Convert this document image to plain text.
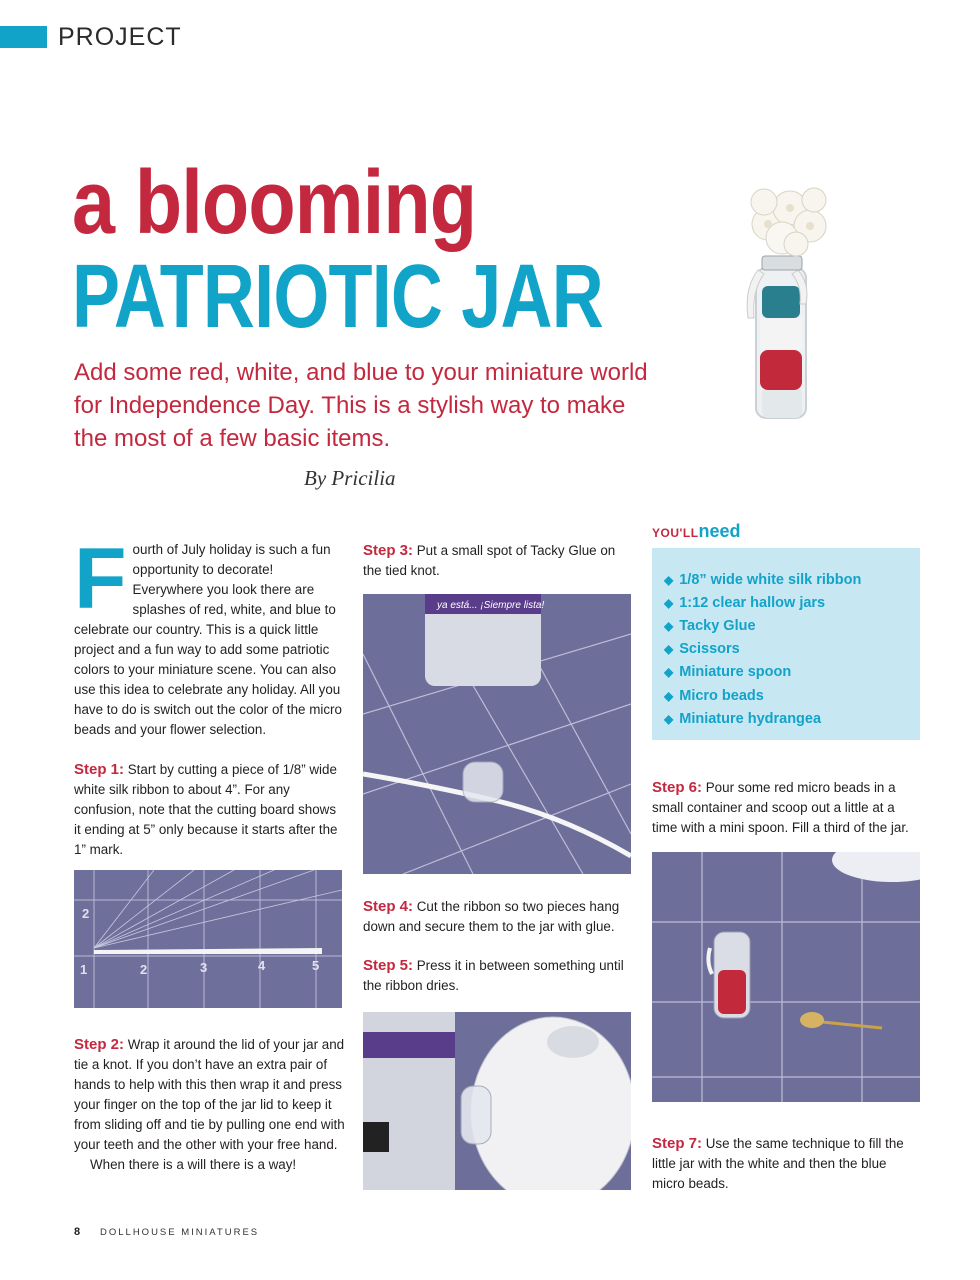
PROJECT
a blooming
PATRIOTIC JAR
Add some red, white, and blue to your miniature world for Independence Day. This is a stylish way to make the most of a few basic items.
By Pricilia
F ourth of July holiday is such a fun opportunity to decorate! Everywhere you look there are splashes of red, white, and blue to celebrate our country. This is a quick little project and a fun way to add some patriotic colors to your miniature scene. You can also use this idea to celebrate any holiday. All you have to do is switch out the color of the micro beads and your flower selection.
Step 1: Start by cutting a piece of 1/8” wide white silk ribbon to about 4”. For any confusion, note that the cutting board shows it ending at 5” only because it starts after the 1” mark.
2
1	2	3	4	5

Step 2: Wrap it around the lid of your jar and tie a knot. If you don’t have an extra pair of hands to help with this then wrap it and press your finger on the top of the jar lid to keep it from sliding off and tie by pulling one end with your teeth and the other with your free hand.

When there is a will there is a way!

Step 3: Put a small spot of Tacky Glue on the tied knot.
ya está... ¡Siempre lista!
Step 4: Cut the ribbon so two pieces hang down and secure them to the jar with glue.
Step 5: Press it in between something until the ribbon dries.
YOU'LLneed
◆ 1/8” wide white silk ribbon
◆ 1:12 clear hallow jars
◆ Tacky Glue
◆ Scissors
◆ Miniature spoon
◆ Micro beads
◆ Miniature hydrangea
Step 6: Pour some red micro beads in a small container and scoop out a little at a time with a mini spoon. Fill a third of the jar.
Step 7: Use the same technique to fill the little jar with the white and then the blue micro beads.
8 DOLLHOUSE MINIATURES
